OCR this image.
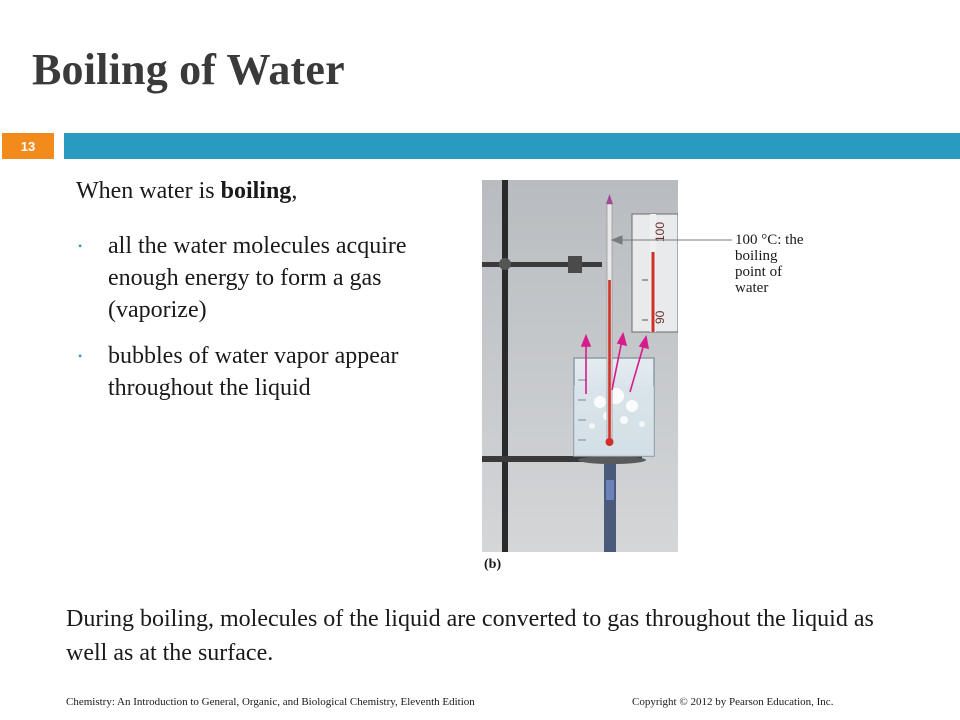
Boiling of Water
13
When water is boiling,
• all the water molecules acquire enough energy to form a gas (vaporize)
• bubbles of water vapor appear throughout the liquid
100
90
100 °C: the
boiling
point of
water
(b)
During boiling, molecules of the liquid are converted to gas throughout the liquid as well as at the surface.
Chemistry: An Introduction to General, Organic, and Biological Chemistry, Eleventh Edition	Copyright © 2012 by Pearson Education, Inc.
